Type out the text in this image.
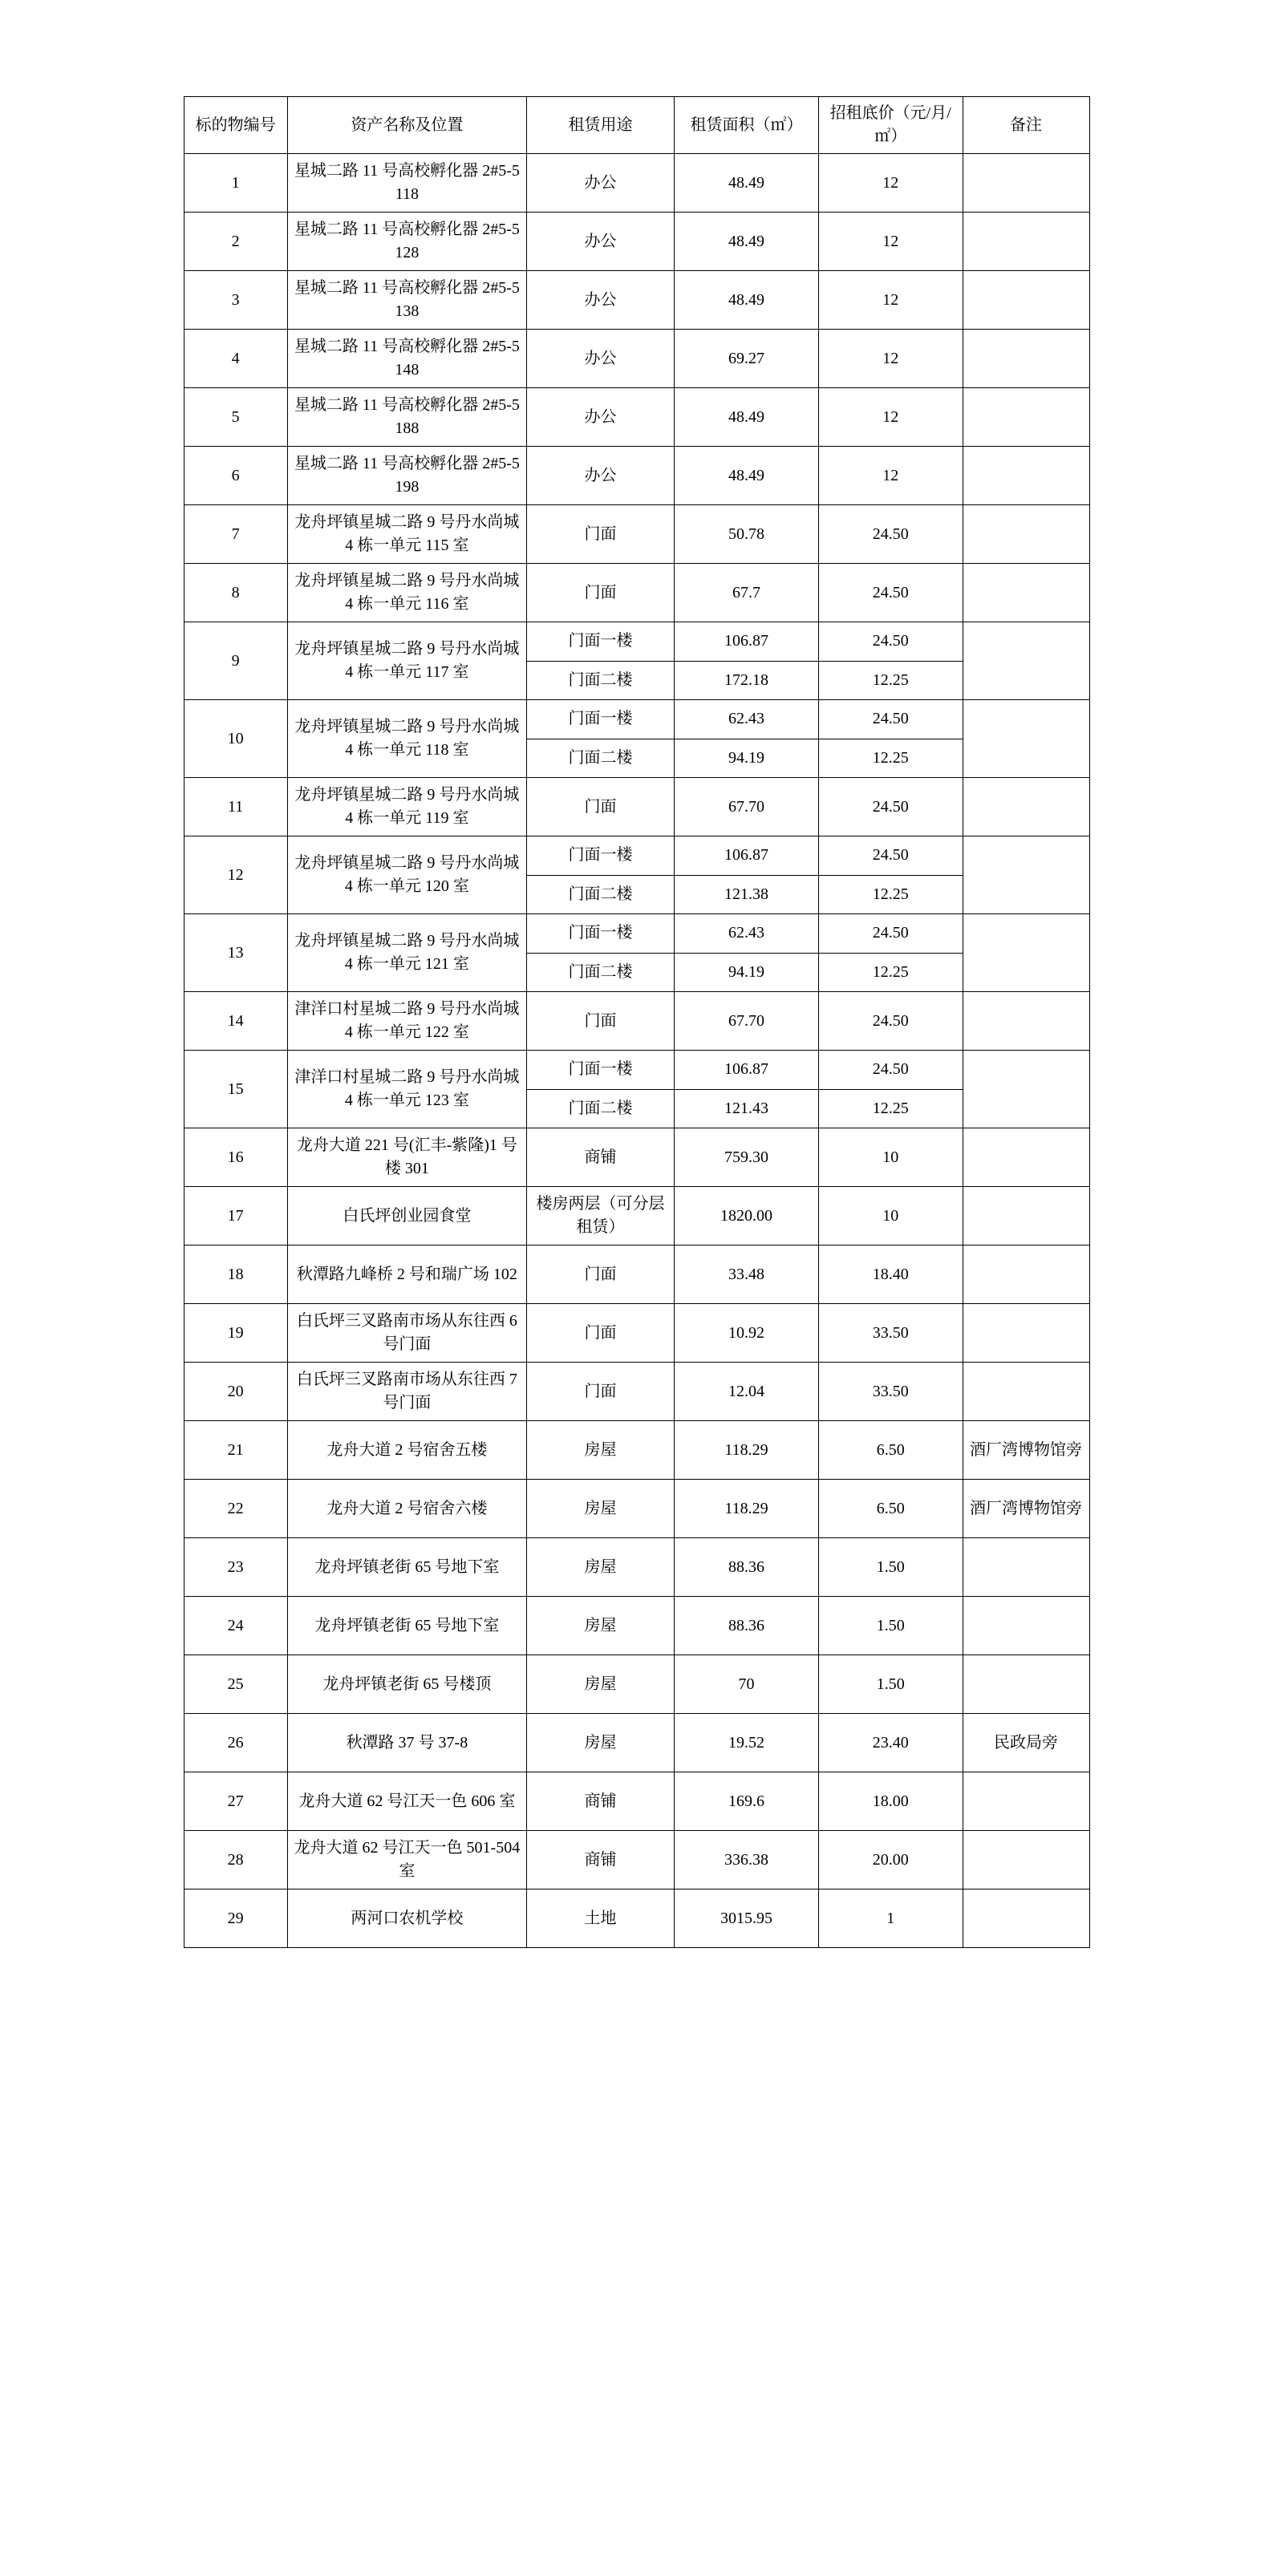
标的物编号	资产名称及位置	租赁用途	租赁面积（㎡）	招租底价（元/月/㎡）	备注
1	星城二路 11 号高校孵化器 2#5-5118	办公	48.49	12	
2	星城二路 11 号高校孵化器 2#5-5128	办公	48.49	12	
3	星城二路 11 号高校孵化器 2#5-5138	办公	48.49	12	
4	星城二路 11 号高校孵化器 2#5-5148	办公	69.27	12	
5	星城二路 11 号高校孵化器 2#5-5188	办公	48.49	12	
6	星城二路 11 号高校孵化器 2#5-5198	办公	48.49	12	
7	龙舟坪镇星城二路 9 号丹水尚城 4 栋一单元 115 室	门面	50.78	24.50	
8	龙舟坪镇星城二路 9 号丹水尚城 4 栋一单元 116 室	门面	67.7	24.50	
9	龙舟坪镇星城二路 9 号丹水尚城 4 栋一单元 117 室	门面一楼	106.87	24.50	
		门面二楼	172.18	12.25	
10	龙舟坪镇星城二路 9 号丹水尚城 4 栋一单元 118 室	门面一楼	62.43	24.50	
		门面二楼	94.19	12.25	
11	龙舟坪镇星城二路 9 号丹水尚城 4 栋一单元 119 室	门面	67.70	24.50	
12	龙舟坪镇星城二路 9 号丹水尚城 4 栋一单元 120 室	门面一楼	106.87	24.50	
		门面二楼	121.38	12.25	
13	龙舟坪镇星城二路 9 号丹水尚城 4 栋一单元 121 室	门面一楼	62.43	24.50	
		门面二楼	94.19	12.25	
14	津洋口村星城二路 9 号丹水尚城 4 栋一单元 122 室	门面	67.70	24.50	
15	津洋口村星城二路 9 号丹水尚城 4 栋一单元 123 室	门面一楼	106.87	24.50	
		门面二楼	121.43	12.25	
16	龙舟大道 221 号(汇丰-紫隆)1 号楼 301	商铺	759.30	10	
17	白氏坪创业园食堂	楼房两层（可分层租赁）	1820.00	10	
18	秋潭路九峰桥 2 号和瑞广场 102	门面	33.48	18.40	
19	白氏坪三叉路南市场从东往西 6 号门面	门面	10.92	33.50	
20	白氏坪三叉路南市场从东往西 7 号门面	门面	12.04	33.50	
21	龙舟大道 2 号宿舍五楼	房屋	118.29	6.50	酒厂湾博物馆旁
22	龙舟大道 2 号宿舍六楼	房屋	118.29	6.50	酒厂湾博物馆旁
23	龙舟坪镇老街 65 号地下室	房屋	88.36	1.50	
24	龙舟坪镇老街 65 号地下室	房屋	88.36	1.50	
25	龙舟坪镇老街 65 号楼顶	房屋	70	1.50	
26	秋潭路 37 号 37-8	房屋	19.52	23.40	民政局旁
27	龙舟大道 62 号江天一色 606 室	商铺	169.6	18.00	
28	龙舟大道 62 号江天一色 501-504 室	商铺	336.38	20.00	
29	两河口农机学校	土地	3015.95	1	
